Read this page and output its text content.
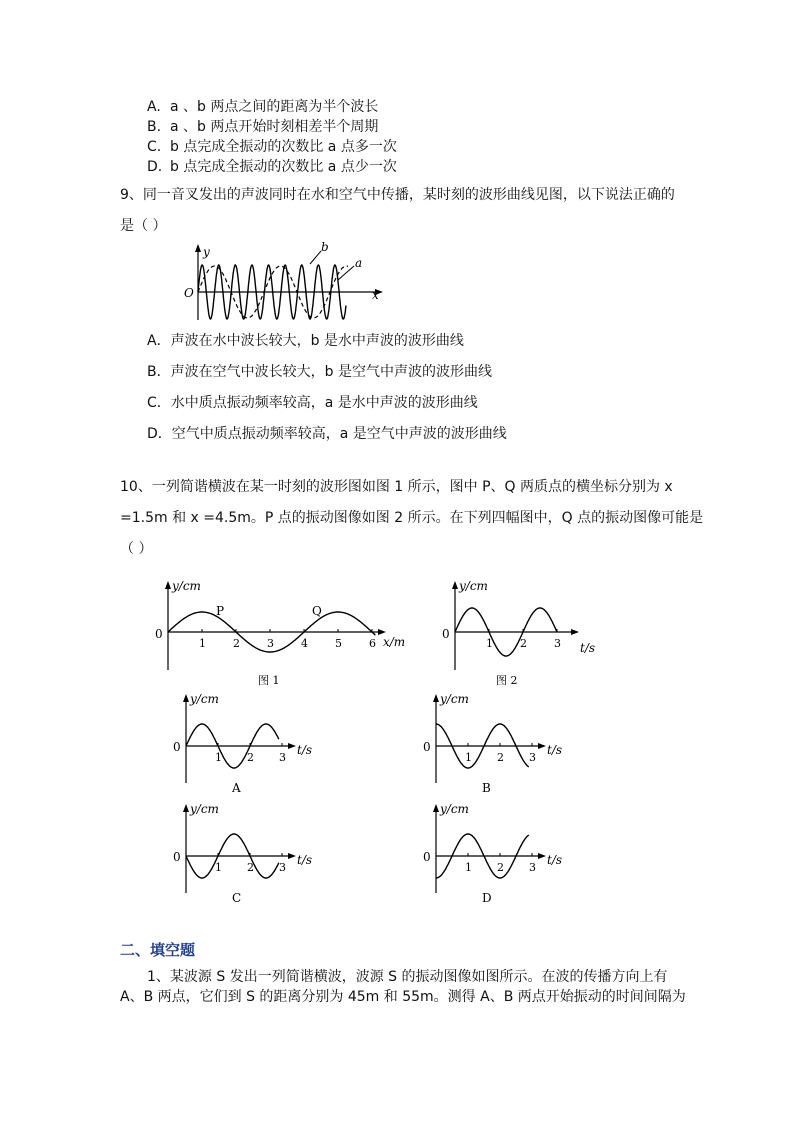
A. a 、b 两点之间的距离为半个波长
B. a 、b 两点开始时刻相差半个周期
C. b 点完成全振动的次数比 a 点多一次
D. b 点完成全振动的次数比 a 点少一次
9、同一音叉发出的声波同时在水和空气中传播，某时刻的波形曲线见图，以下说法正确的
是（ ）
y
x
O
b
a
A．声波在水中波长较大，b 是水中声波的波形曲线
B．声波在空气中波长较大，b 是空气中声波的波形曲线
C．水中质点振动频率较高，a 是水中声波的波形曲线
D．空气中质点振动频率较高，a 是空气中声波的波形曲线
10、一列简谐横波在某一时刻的波形图如图 1 所示，图中 P、Q 两质点的横坐标分别为 x
=1.5m 和 x =4.5m。P 点的振动图像如图 2 所示。在下列四幅图中，Q 点的振动图像可能是
（ ）
y/cm
x/m
0
1 2 3 4 5 6
P	Q
图 1
y/cm
t/s
0
1 2 3
图 2
y/cm
t/s
0
1 2 3
A
y/cm
t/s
0
1 2 3
B
y/cm
t/s
0
1 2 3
C
y/cm
t/s
0
1 2 3
D
二、填空题
1、某波源 S 发出一列简谐横波，波源 S 的振动图像如图所示。在波的传播方向上有
A、B 两点，它们到 S 的距离分别为 45m 和 55m。测得 A、B 两点开始振动的时间间隔为
